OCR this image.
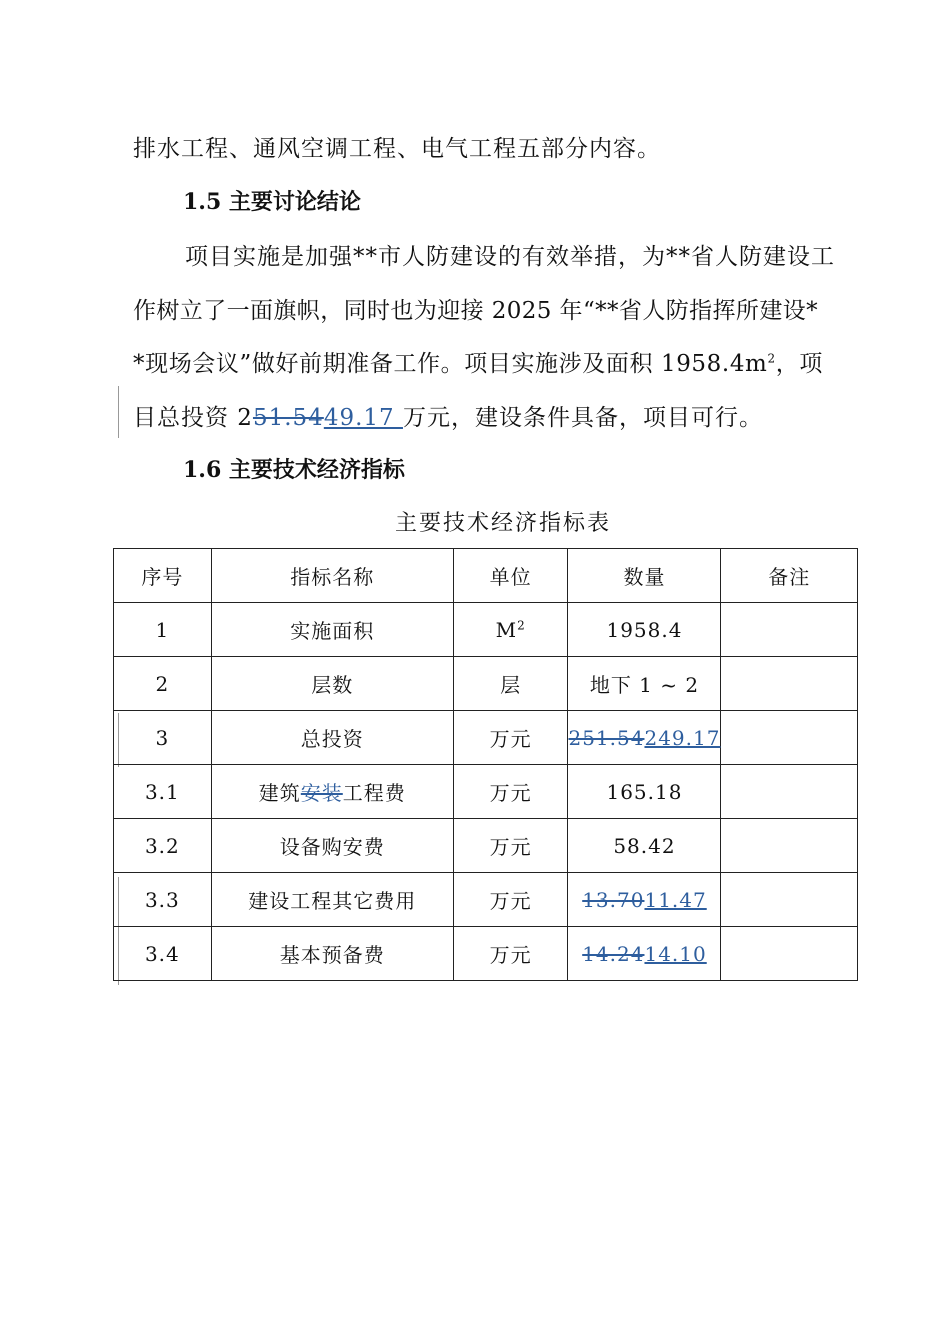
排水工程、通风空调工程、电气工程五部分内容。
1.5 主要讨论结论
项目实施是加强**市人防建设的有效举措，为**省人防建设工
作树立了一面旗帜，同时也为迎接 2025 年“**省人防指挥所建设*
*现场会议”做好前期准备工作。项目实施涉及面积 $1958.4m^2$，项
目总投资 251.5449.17 万元，建设条件具备，项目可行。
1.6 主要技术经济指标
主要技术经济指标表
序号	指标名称	单位	数量	备注
1	实施面积	$M^2$	1958.4	
2	层数	层	地下 1 ~ 2	
3	总投资	万元	251.54249.17	
3.1	建筑安装工程费	万元	165.18	
3.2	设备购安费	万元	58.42	
3.3	建设工程其它费用	万元	13.7011.47	
3.4	基本预备费	万元	14.2414.10	
